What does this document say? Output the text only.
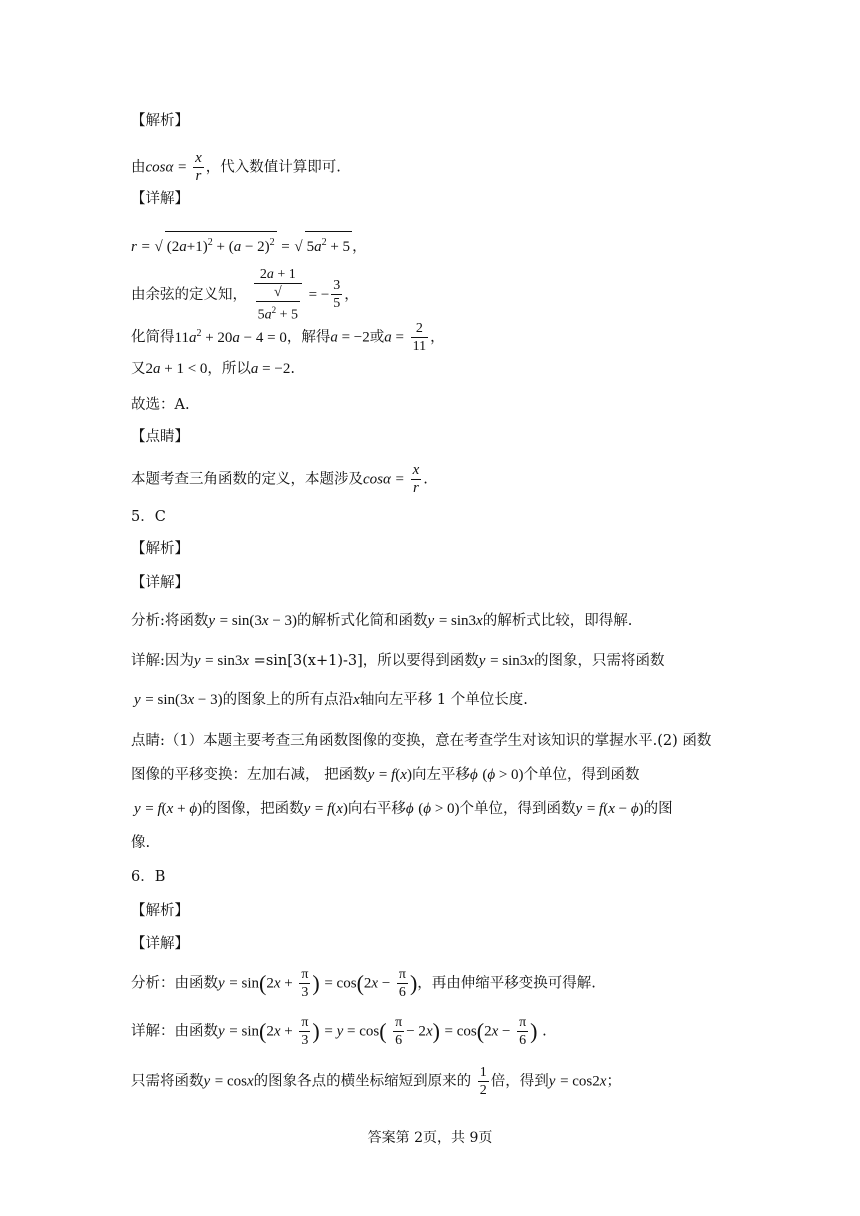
【解析】
由$\cos\alpha = \frac{x}{r}$ ，代入数值计算即可.
【详解】
r = √ $(2a+1)^2 + (a - 2)^2$ = √ $5a^2 + 5$ ，
由余弦的定义知， 2a + 1
√
$5a^2 + 5$ = − $\frac{3}{5}$ ，
化简得$11a^2 + 20a - 4 = 0$，解得a = −2或$a = \frac{2}{11}$ ，
又2a + 1 < 0，所以a = −2.
故选：A.
【点睛】
本题考查三角函数的定义，本题涉及$\cos\alpha = \frac{x}{r}$ .
5．C
【解析】
【详解】
分析:将函数y = sin(3x − 3)的解析式化简和函数y = sin3x的解析式比较，即得解.
详解:因为y = sin3x =sin[3(x+1)-3]，所以要得到函数y = sin3x的图象，只需将函数
y = sin(3x − 3)的图象上的所有点沿x轴向左平移 1 个单位长度.
点睛:（1）本题主要考查三角函数图像的变换，意在考查学生对该知识的掌握水平.(2) 函数
图像的平移变换：左加右减， 把函数y = f(x)向左平移ϕ (ϕ > 0)个单位，得到函数
y = f(x + ϕ)的图像，把函数y = f(x)向右平移ϕ (ϕ > 0)个单位，得到函数y = f(x − ϕ)的图
像.
6．B
【解析】
【详解】
分析：由函数$y = \sin(2x + \frac{\pi}{3}$ ) = $\cos(2x - \frac{\pi}{6}$ )，再由伸缩平移变换可得解.
详解：由函数$y = \sin(2x + \frac{\pi}{3}$ ) = $y = \cos( \frac{\pi}{6} - 2x) = \cos(2x - \frac{\pi}{6}$ ) .
只需将函数y = cosx的图象各点的横坐标缩短到原来的 $\frac{1}{2}$ 倍，得到y = cos2x；
答案第 2页，共 9页
